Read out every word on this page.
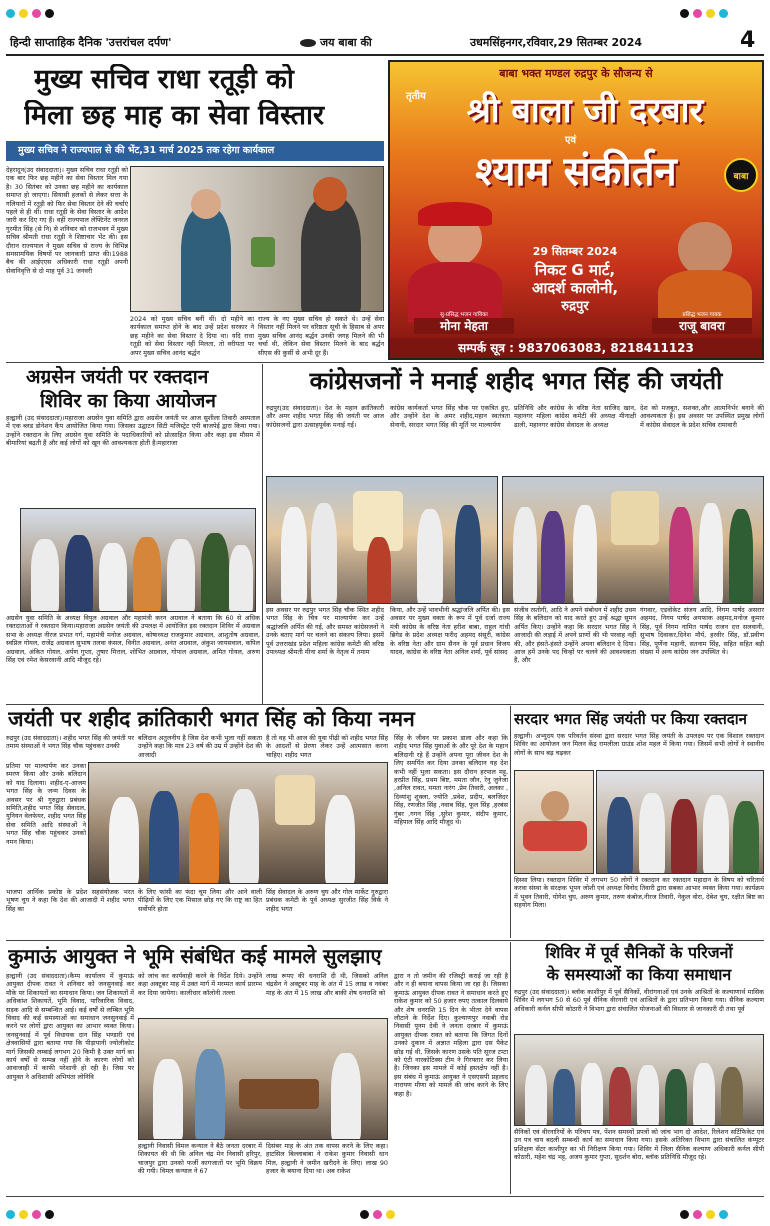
हिन्दी साप्ताहिक दैनिक 'उत्तरांचल दर्पण'	जय बाबा की	उधमसिंहनगर,रविवार,29 सितम्बर 2024	4
मुख्य सचिव राधा रतूड़ी को
मिला छह माह का सेवा विस्तार
मुख्य सचिव ने राज्यपाल से की भेंट,31 मार्च 2025 तक रहेगा कार्यकाल
देहरादून(उद संवाददाता)। मुख्य सचिव राधा रतूड़ी को एक बार फिर छह महीने का सेवा विस्तार मिल गया है। 30 सितंबर को उनका छह महीने का कार्यकाल समाप्त हो जाएगा। सियासी हलकों से लेकर सत्ता के गलियारों में रतूड़ी को फिर सेवा विस्तार देने की चर्चाएं पहले से ही थीं। राधा रतूड़ी के सेवा विस्तार के आदेश जारी कर दिए गए हैं। वहीं राज्यपाल लेफ्टिनेंट जनरल गुरमीत सिंह (से नि) से शनिवार को राजभवन में मुख्य सचिव श्रीमती राधा रतूड़ी ने शिष्टाचार भेंट की। इस दौरान राज्यपाल ने मुख्य सचिव से राज्य के विभिन्न समसामयिक विषयों पर जानकारी प्राप्त की।1988 बैच की आईएएस अधिकारी राधा रतूड़ी अपनी सेवानिवृत्ति से दो माह पूर्व 31 जनवरी
2024 को मुख्य सचिव बनीं थीं। दो महीने का कार्यकाल समाप्त होने के बाद उन्हें प्रदेश सरकार ने छह महीने का सेवा विस्तार दे दिया था। यदि राधा रतूड़ी को सेवा विस्तार नहीं मिलता, तो वरीयता पर अपर मुख्य सचिव आनंद बर्द्धन
राज्य के नए मुख्य सचिव हो सकते थे। उन्हें सेवा विस्तार नहीं मिलने पर वरिष्ठता सूची के हिसाब से अपर मुख्य सचिव आनंद बर्द्धन उनकी जगह मिलने की भी चर्चा थी, लेकिन सेवा विस्तार मिलने के बाद बर्द्धन सीएस की कुर्सी से अभी दूर हैं।
बाबा भक्त मण्डल रुद्रपुर के सौजन्य से
तृतीय	श्री बाला जी दरबार
एवं
श्याम संकीर्तन	बाबा
29 सितम्बर 2024
निकट G मार्ट,
आदर्श कालोनी,
रुद्रपुर
सु-प्रसिद्ध भजन गायिका
मोना मेहता
प्रसिद्ध भजन गायक
राजू बावरा
सम्पर्क सूत्र : 9837063083, 8218411123
अग्रसेन जयंती पर रक्तदान
शिविर का किया आयोजन
हल्द्वानी (उद संवाददाता)।महाराजा अग्रसेन युवा समिति द्वारा अग्रसेन जयंती पर आज सुशीला तिवारी अस्पताल में एक ब्लड डोनेशन कैंप आयोजित किया गया। जिसका उद्घाटन सिटी मजिस्ट्रेट एपी बाजपेई द्वारा किया गया। उन्होंने रक्तदान के लिए अग्रसेन युवा समिति के पदाधिकारियों को प्रोत्साहित किया और कहा इस मौसम में बीमारियां बढ़ती हैं और कई लोगों को खून की आवश्यकता होती है।महाराजा
अग्रसेन युवा समिति के अध्यक्ष विपुल अग्रवाल और महामंत्री करन अग्रवाल ने बताया कि 60 से अधिक रक्तदाताओं ने रक्तदान किया।महाराजा अग्रसेन जयंती की उपलक्ष में आयोजित इस रक्तदान शिविर में अग्रवाल सभा के अध्यक्ष नीरज प्रभात गर्ग, महामंत्री मनोज अग्रवाल, कोषाध्यक्ष राजकुमार अग्रवाल, आशुतोष अग्रवाल, स्वप्निल गोयल, राजेंद्र अग्रवाल सुभाष तलवा कंसल, विनीत अग्रवाल, अनंत अग्रवाल, अंकुश जायसवाल, कपिल अग्रवाल, अंकित गोयल, अर्पण गुप्ता, तुषार मित्तल, शोभित अग्रवाल, गोपाल अग्रवाल, अमित गोयल, अरुण सिंह एवं रमेश केसरवानी आदि मौजूद रहे।
कांग्रेसजनों ने मनाई शहीद भगत सिंह की जयंती
रुद्रपुर(उद संवाददाता)। देश के महान क्रांतिकारी और अमर शहीद भगत सिंह की जयंती पर आज कांग्रेसजनों द्वारा उत्साहपूर्वक मनाई गई।
कांग्रेस कार्यकर्ता भगत सिंह चौक पर एकत्रित हुए, और उन्होंने देश के अमर शहीद,महान स्वतंत्रता सेनानी, सरदार भगत सिंह की मूर्ति पर माल्यार्पण
प्रतिनिधि और कांग्रेस के वरिष्ठ नेता साजिद खान, महानगर महिला कांग्रेस कमेटी की अध्यक्ष मीनाक्षी ढाली, महानगर कांग्रेस सेवादल के अध्यक्ष
देश को मजबूत, सशक्त,और आत्मनिर्भर बनाने की आवश्यकता है। इस अवसर पर उपस्थित प्रमुख लोगों में कांग्रेस सेवादल के प्रदेश सचिव रामावारी
इस अवसर पर रुद्रपुर भगत सिंह चौक स्थित शहीद भगत सिंह के चित्र पर माल्यार्पण कर उन्हें श्रद्धांजलि अर्पित की गई, और समस्त कांग्रेसजनों ने उनके बताए मार्ग पर चलने का संकल्प लिया। इसमें पूर्व उत्तराखंड प्रदेश महिला कांग्रेस कमेटी की वरिष्ठ उपाध्यक्ष श्रीमती मीना शर्मा के नेतृत्व में तमाम
किया, और उन्हें भावभीनी श्रद्धांजलि अर्पित की। इस अवसर पर मुख्य वक्ता के रूप में पूर्व दर्जा राज्य मंत्री कांग्रेस के वरिष्ठ नेता हरीश बाबा, राहुल गांधी ब्रिगेड के प्रदेश अध्यक्ष फरीद अहमद संसूरी, कांग्रेस के वरिष्ठ नेता और ग्राम सैनन के पूर्व प्रधान विजय यादव, कांग्रेस के वरिष्ठ नेता अनिल शर्मा, पूर्व सांसद
संजीव रस्तोगी, आदि ने अपने संबोधन में शहीद उधम सिंह के बलिदान को याद करते हुए उन्हें श्रद्धा सुमन अर्पित किए। उन्होंने कहा कि सरदार भगत सिंह ने आजादी की लड़ाई में अपने प्राणों की भी परवाह नहीं की, और हंसते-हंसते उन्होंने अपना बलिदान दे दिया। आज हमें उनके पद चिन्हों पर चलने की आवश्यकता है, और
गंगवार, एडवोकेट संजय आदि, निगम पार्षद असरार अहमद, निगम पार्षद अयफाक अहमद,मनोज कुमार सिंह, पूर्व निगम नामित पार्षद राजन दत्त सलवानी, सुभाष दिवाकर,दिनेश मौर्य, हरवीर सिंह, डॉ.प्रवीण सिंह, पूर्णेना महानी, सतनाम सिंह, सहित सहित बड़ी संख्या में अन्य कांग्रेस जन उपस्थित थे।
जयंती पर शहीद क्रांतिकारी भगत सिंह को किया नमन
रुद्रपुर (उद संवाददाता)। शहीद भगत सिंह की जयंती पर तमाम संस्थाओं ने भगत सिंह चौक पहुंचकर उनकी
बलिदान अतुलनीय है जिस देश कभी भुला नहीं सकता उन्होंने कहा कि मात्र 23 वर्ष की उम्र में उन्होंने देश की आजादी
है तो वह भी आज की युवा पीढ़ी को शहीद भगत सिंह के आदर्शों से प्रेरणा लेकर उन्हें आत्मसात करना चाहिए। शहीद भगत
प्रतिमा पर माल्यार्पण कर उनका स्मरण किया और उनके बलिदान को याद दिलाया। शहीद-ए-आजम भगत सिंह के जन्म दिवस के अवसर पर श्री गुरुद्वारा प्रबंधक समिति,शहीद भगत सिंह सेवादल, युनियन वेलफेयर, शहीद भगत सिंह सेवा समिति आदि संस्थाओं ने भगत सिंह चौक पहुंचकर उनको नमन किया।
सिंह के जीवन पर प्रकाश डाला और कहा कि शहीद भगत सिंह युवाओं के और पूरे देश के महान बलिदानी रहे हैं उन्होंने अपना पूरा जीवन देश के लिए समर्पित कर दिया उनका बलिदान यह देश कभी नहीं भुला सकता। इस दौरान हरपाल मट्टू, हरप्रीत सिंह, प्रथम बिष्ट, ममता जौन, रेनु जुनेजा ,अनिल रावत, ममता नारंग ,प्रेम तिवारी, अलका , दिव्यांशु शुक्ला, ज्योति ,प्रवेश, प्रदीप, बलजिंदर सिंह, रणजीत सिंह ,नवाब सिंह, फूल सिंह ,हरबंस गुंबर ,गगन सिंह ,सुरेश कुमार, संदीप कुमार, महिपाल सिंह आदि मौजूद थे।
भाजपा आर्थिक प्रकोष्ठ के प्रदेश सहसंयोजक भरत भूषण चुघ ने कहा कि देश की आजादी में शहीद भगत सिंह का
के लिए फांसी का फंदा चूम लिया और आने वाली पीढ़ियों के लिए एक मिसाल छोड़ गए कि राष्ट्र का हित सर्वोपरि होता
सिंह सेवादल के अरुण चुघ और गोल मार्केट गुरुद्वारा प्रबंधक कमेटी के पूर्व अध्यक्ष सुरजीत सिंह विर्क ने शहीद भगत
सरदार भगत सिंह जयंती पर किया रक्तदान
हल्द्वानी। अभ्युदय एक परिवर्तन संस्था द्वारा सरदार भगत सिंह जयंती के उपलक्ष्य पर एक विशाल रक्तदान शिविर का आयोजन जन मिलन केंद्र रामलीला ग्राउंड शोश महल में किया गया। जिसमें सभी लोगों ने स्थानीय लोगों के साथ बढ़ चढ़कर
हिस्सा लिया। रक्तदान शिविर में लगभग 50 लोगों ने रक्तदान कर रक्तदान महादान के विषय को चरितार्थ करवा संस्था के संरक्षक भूपन जोशी एवं अध्यक्ष विनोद तिवारी द्वारा सबका आभार व्यक्त किया गया। कार्यक्रम में भुवन तिवारी, योगेश चुघ, अरुण कुमार, तरुण कंबोज,नीरज तिवारी, नेकुल वोरा, देबेश चुघ, रक्षीत बिष्ट का सहयोग मिला।
कुमाऊं आयुक्त ने भूमि संबंधित कई मामले सुलझाए
हल्द्वानी (उद संवाददाता)।कैम्प कार्यालय में कुमाऊं आयुक्त दीपक रावत ने शनिवार को जनसुनवाई कर मौके पर शिकायतों का समाधान किया। जन शिकायतों में अधिकांश शिकायतें, भूमि विवाद, पारिवारिक विवाद, सड़क आदि से सम्बन्धित आई। कई वर्षों से लम्बित भूमि विवाद की कई समस्याओं का समाधान जनसुनवाई में करने पर लोगों द्वारा आयुक्त का आभार व्यक्त किया। जनसुनवाई में पूर्व विधायक दान सिंह भण्डारी एवं क्षेत्रवासियों द्वारा बताया गया कि पीड़ापानी ज्योलीकोट मार्ग जिसकी लम्बाई लगभग 20 किमी है उक्त मार्ग का कार्य वर्षों से सम्पन्न नहीं होने के कारण लोगों को आवाजाही में काफी परेशानी हो रही है। जिस पर आयुक्त ने अधिशासी अभियंता लोनिवि
को जांच कर कार्यवाही करने के निर्देश दिये। उन्होंने कहा अक्टूबर माह में उक्त मार्ग में मरम्मत कार्य प्रारम्भ कर दिया जायेगा। कालीधार कॉलोनी तल्ला
लाख रूपए की धनराशि दी थी, जिसको अनिल चंद्रसेन ने अक्टूबर माह के अंत में 15 लाख व नवंबर माह के अंत में 15 लाख और बाकी शेष धनराशि को
हल्द्वानी निवासी विमल कन्याल ने बैठे जनता दरबार में शिकायत की थी कि अनिल चंद्र मेन निवासी हरिपुर, चाजपुर द्वारा उनको फर्जी कागजातों पर भूमि विक्रय की गयी। विमल कन्याल ने 67
दिसंबर माह के अंत तक वापस करने के लिए कहा।हाटसिल बिल्लाबाबा ने राकेश कुमार निवासी धान मिल, हल्द्वानी ने जमीन खरीदने के लिए। लाख 90 हजार के बयाना दिया था। अब राकेश
द्वारा न तो जमीन की रजिस्ट्री कराई जा रही है और न ही बयाना वापस किया जा रहा है। जिसका कुमाऊं आयुक्त दीपक रावत ने समाधान करते हुए राकेश कुमार को 50 हजार रुपए तत्काल दिलवाये और शेष धनराशि 15 दिन के भीतर देने वापस लौटाने के निर्देश दिए। कुल्याणपुर नवाबी रोड निवासी पूनम देवी ने जनता दरबार में कुमाऊं आयुक्त दीपक रावत को बताया कि जिगत दिनों उनको दुकान में अज्ञात महिला द्वारा दस पैकेट छोड़ गई थी, जिसके कारण उसके पति सूरज टम्टा को एंटी नारकोटिक्स टीम ने गिरफ्तार कर लिया है। जिनका इस मामले में कोई हस्तक्षेप नहीं है। इस संबंध में कुमाऊं आयुक्त ने एसएसपी प्रहलाद नारायण मीणा को मामले की जांच करने के लिए कहा है।
शिविर में पूर्व सैनिकों के परिजनों
के समस्याओं का किया समाधान
रुद्रपुर (उद संवाददाता)। ब्लॉक काशीपुर में पूर्व सैनिकों, वीरांगनाओं एवं उनके आश्रितों के कल्याणार्थ मासिक शिविर में लगभग 50 से 60 पूर्व सैनिक वीरनारी एवं आश्रितों के द्वारा प्रतिभाग किया गया। सैनिक कल्याण अधिकारी कर्नल सीपी कोठारी ने विभाग द्वारा संचालित योजनाओं की विस्तार से जानकारी दी तथा पूर्व
सैनिकों एवं वीरनारियों के परिचय पत्र, पेंशन समस्यों प्रपत्रों को जांच भाग दो आदेश, रिलेशन सर्टिफिकेट एवं उन पत्र चाय बदली सम्बन्धी कार्य का समाधान किया गया। इसके अतिरिक्त विभाग द्वारा संचालित कंप्यूटर प्रशिक्षण सेंटर काशीपुर का भी निरीक्षण किया गया। शिविर में जिला सैनिक कल्याण अधिकारी कर्नल सीपी कोठारी, महेश चंद्र भट्ट, अजय कुमार गुप्ता, सुदर्शन बोरा, ब्लॉक प्रतिनिधि मौजूद रहे।
